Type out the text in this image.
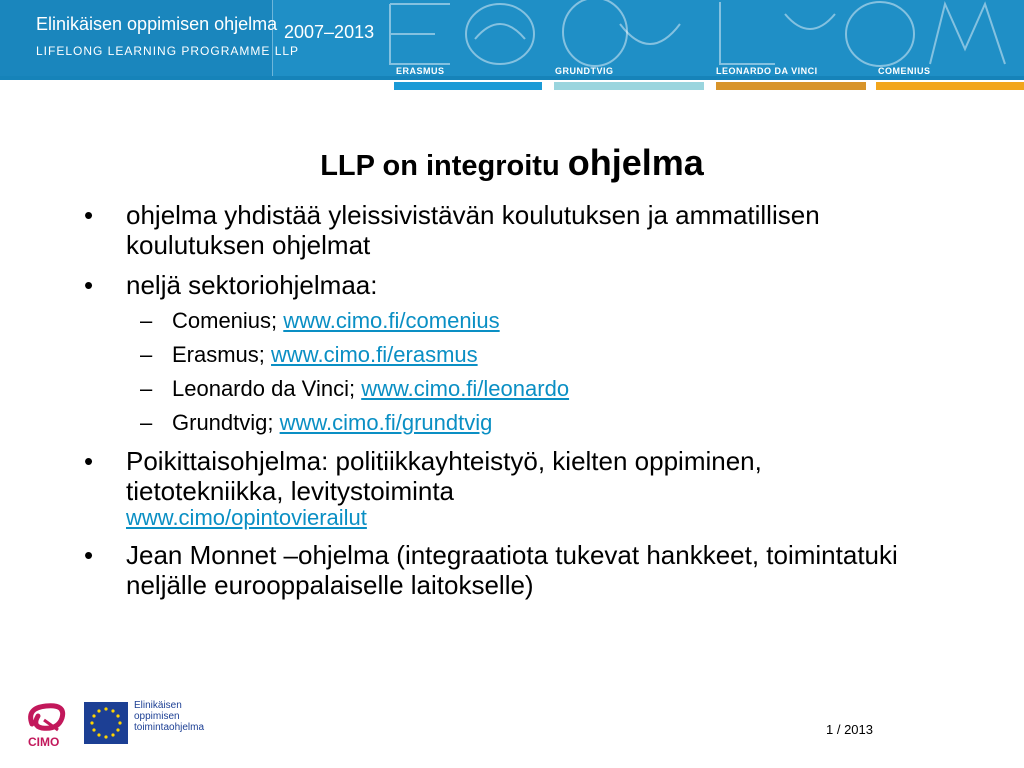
Elinikäisen oppimisen ohjelma
LIFELONG LEARNING PROGRAMME LLP
2007–2013
ERASMUS	GRUNDTVIG	LEONARDO DA VINCI	COMENIUS
LLP on integroitu ohjelma
• ohjelma yhdistää yleissivistävän koulutuksen ja ammatillisen koulutuksen ohjelmat
• neljä sektoriohjelmaa:
– Comenius; www.cimo.fi/comenius
– Erasmus; www.cimo.fi/erasmus
– Leonardo da Vinci; www.cimo.fi/leonardo
– Grundtvig; www.cimo.fi/grundtvig
• Poikittaisohjelma: politiikkayhteistyö, kielten oppiminen, tietotekniikka, levitystoiminta
www.cimo/opintovierailut
• Jean Monnet –ohjelma (integraatiota tukevat hankkeet, toimintatuki neljälle eurooppalaiselle laitokselle)
CIMO
Elinikäisen
oppimisen
toimintaohjelma	1 / 2013
